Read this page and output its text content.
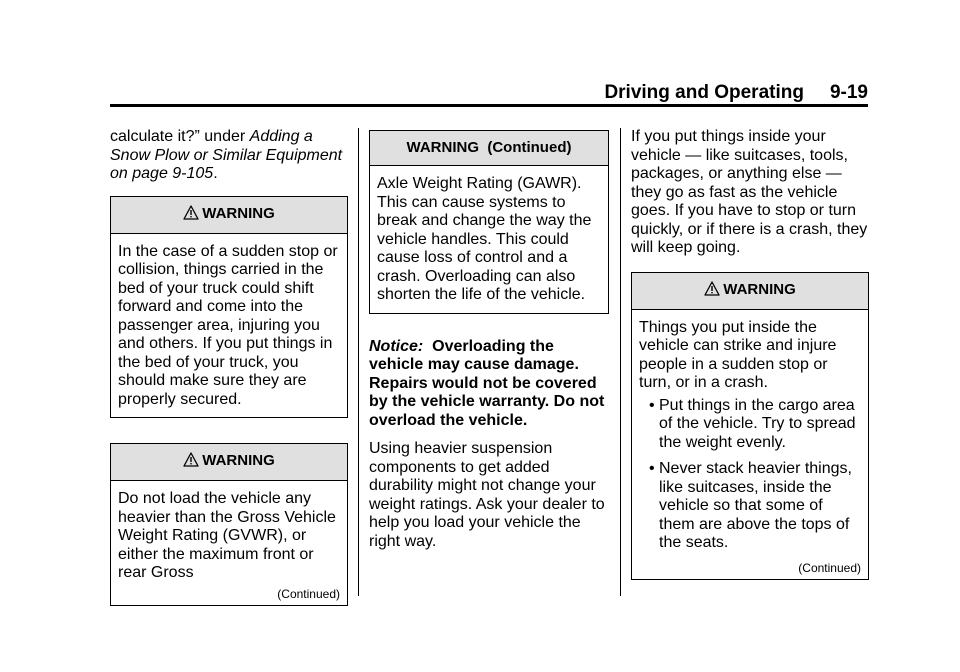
Driving and Operating 9-19

calculate it?” under Adding a Snow Plow or Similar Equipment on page 9-105.

WARNING
In the case of a sudden stop or collision, things carried in the bed of your truck could shift forward and come into the passenger area, injuring you and others. If you put things in the bed of your truck, you should make sure they are properly secured.
WARNING
Do not load the vehicle any heavier than the Gross Vehicle Weight Rating (GVWR), or either the maximum front or rear Gross
(Continued)
WARNING  (Continued)
Axle Weight Rating (GAWR). This can cause systems to break and change the way the vehicle handles. This could cause loss of control and a crash. Overloading can also shorten the life of the vehicle.

Notice: Overloading the vehicle may cause damage. Repairs would not be covered by the vehicle warranty. Do not overload the vehicle.

Using heavier suspension components to get added durability might not change your weight ratings. Ask your dealer to help you load your vehicle the right way.

If you put things inside your vehicle — like suitcases, tools, packages, or anything else — they go as fast as the vehicle goes. If you have to stop or turn quickly, or if there is a crash, they will keep going.

WARNING
Things you put inside the vehicle can strike and injure people in a sudden stop or turn, or in a crash.
• Put things in the cargo area of the vehicle. Try to spread the weight evenly.
• Never stack heavier things, like suitcases, inside the vehicle so that some of them are above the tops of the seats.
(Continued)
